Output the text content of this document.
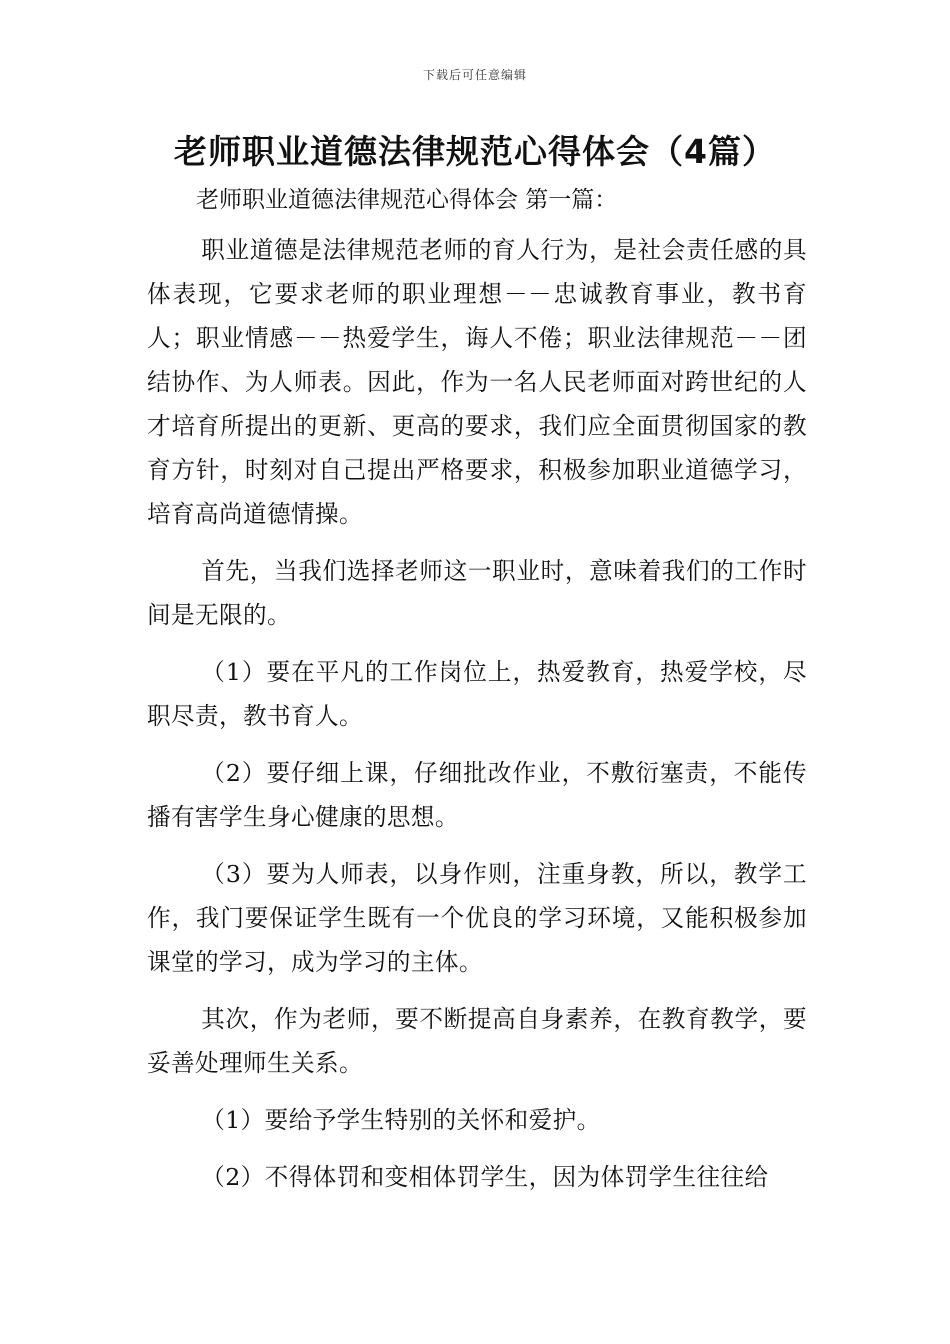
下载后可任意编辑
老师职业道德法律规范心得体会（4篇）
老师职业道德法律规范心得体会 第一篇：

职业道德是法律规范老师的育人行为，是社会责任感的具体表现，它要求老师的职业理想－－忠诚教育事业，教书育人；职业情感－－热爱学生，诲人不倦；职业法律规范－－团结协作、为人师表。因此，作为一名人民老师面对跨世纪的人才培育所提出的更新、更高的要求，我们应全面贯彻国家的教育方针，时刻对自己提出严格要求，积极参加职业道德学习，培育高尚道德情操。

首先，当我们选择老师这一职业时，意味着我们的工作时间是无限的。

（1）要在平凡的工作岗位上，热爱教育，热爱学校，尽职尽责，教书育人。

（2）要仔细上课，仔细批改作业，不敷衍塞责，不能传播有害学生身心健康的思想。

（3）要为人师表，以身作则，注重身教，所以，教学工作，我门要保证学生既有一个优良的学习环境，又能积极参加课堂的学习，成为学习的主体。

其次，作为老师，要不断提高自身素养，在教育教学，要妥善处理师生关系。

（1）要给予学生特别的关怀和爱护。

（2）不得体罚和变相体罚学生，因为体罚学生往往给
